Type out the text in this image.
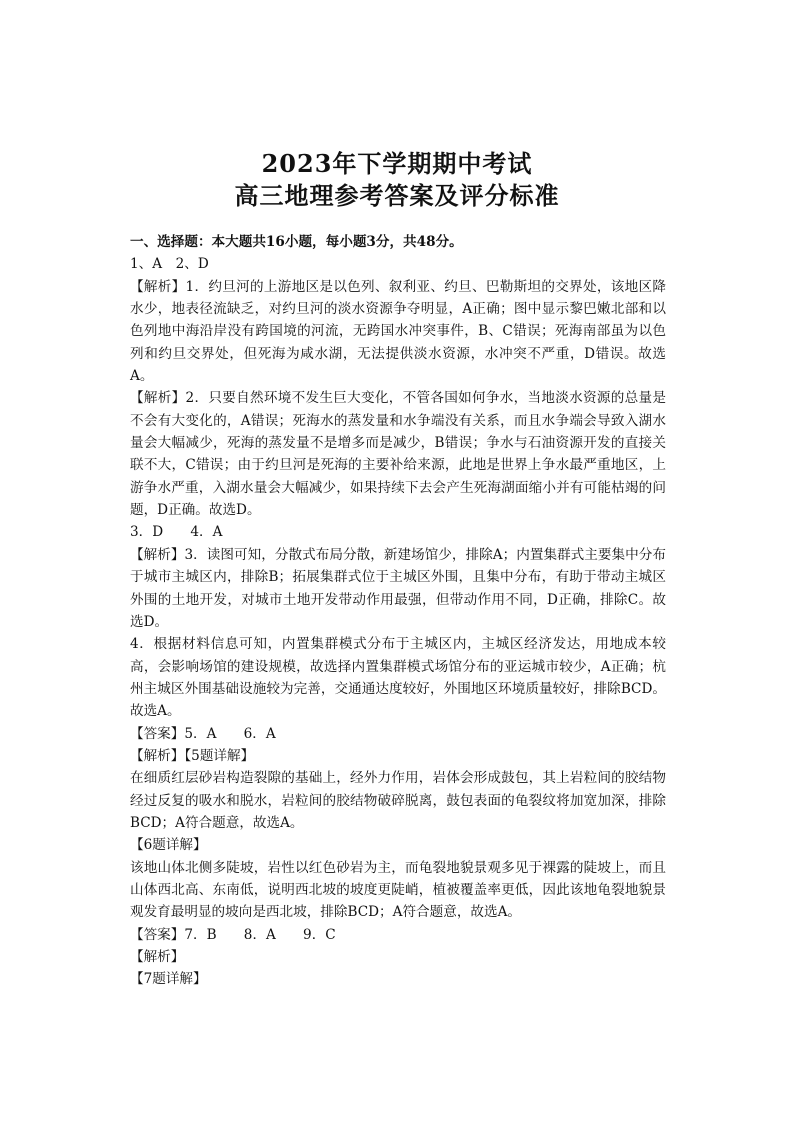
2023年下学期期中考试
高三地理参考答案及评分标准

一、选择题：本大题共16小题，每小题3分，共48分。

1、A　2、D

【解析】1．约旦河的上游地区是以色列、叙利亚、约旦、巴勒斯坦的交界处，该地区降水少，地表径流缺乏，对约旦河的淡水资源争夺明显，A正确；图中显示黎巴嫩北部和以色列地中海沿岸没有跨国境的河流，无跨国水冲突事件，B、C错误；死海南部虽为以色列和约旦交界处，但死海为咸水湖，无法提供淡水资源，水冲突不严重，D错误。故选A。

【解析】2．只要自然环境不发生巨大变化，不管各国如何争水，当地淡水资源的总量是不会有大变化的，A错误；死海水的蒸发量和水争端没有关系，而且水争端会导致入湖水量会大幅减少，死海的蒸发量不是增多而是减少，B错误；争水与石油资源开发的直接关联不大，C错误；由于约旦河是死海的主要补给来源，此地是世界上争水最严重地区，上游争水严重，入湖水量会大幅减少，如果持续下去会产生死海湖面缩小并有可能枯竭的问题，D正确。故选D。

3．D　　4．A

【解析】3．读图可知，分散式布局分散，新建场馆少，排除A；内置集群式主要集中分布于城市主城区内，排除B；拓展集群式位于主城区外围，且集中分布，有助于带动主城区外围的土地开发，对城市土地开发带动作用最强，但带动作用不同，D正确，排除C。故选D。

4．根据材料信息可知，内置集群模式分布于主城区内，主城区经济发达，用地成本较高，会影响场馆的建设规模，故选择内置集群模式场馆分布的亚运城市较少，A正确；杭州主城区外围基础设施较为完善，交通通达度较好，外围地区环境质量较好，排除BCD。故选A。

【答案】5．A　　6．A

【解析】【5题详解】

在细质红层砂岩构造裂隙的基础上，经外力作用，岩体会形成鼓包，其上岩粒间的胶结物经过反复的吸水和脱水，岩粒间的胶结物破碎脱离，鼓包表面的龟裂纹将加宽加深，排除BCD；A符合题意，故选A。

【6题详解】

该地山体北侧多陡坡，岩性以红色砂岩为主，而龟裂地貌景观多见于裸露的陡坡上，而且山体西北高、东南低，说明西北坡的坡度更陡峭，植被覆盖率更低，因此该地龟裂地貌景观发育最明显的坡向是西北坡，排除BCD；A符合题意，故选A。

【答案】7．B　　8．A　　9．C

【解析】

【7题详解】
